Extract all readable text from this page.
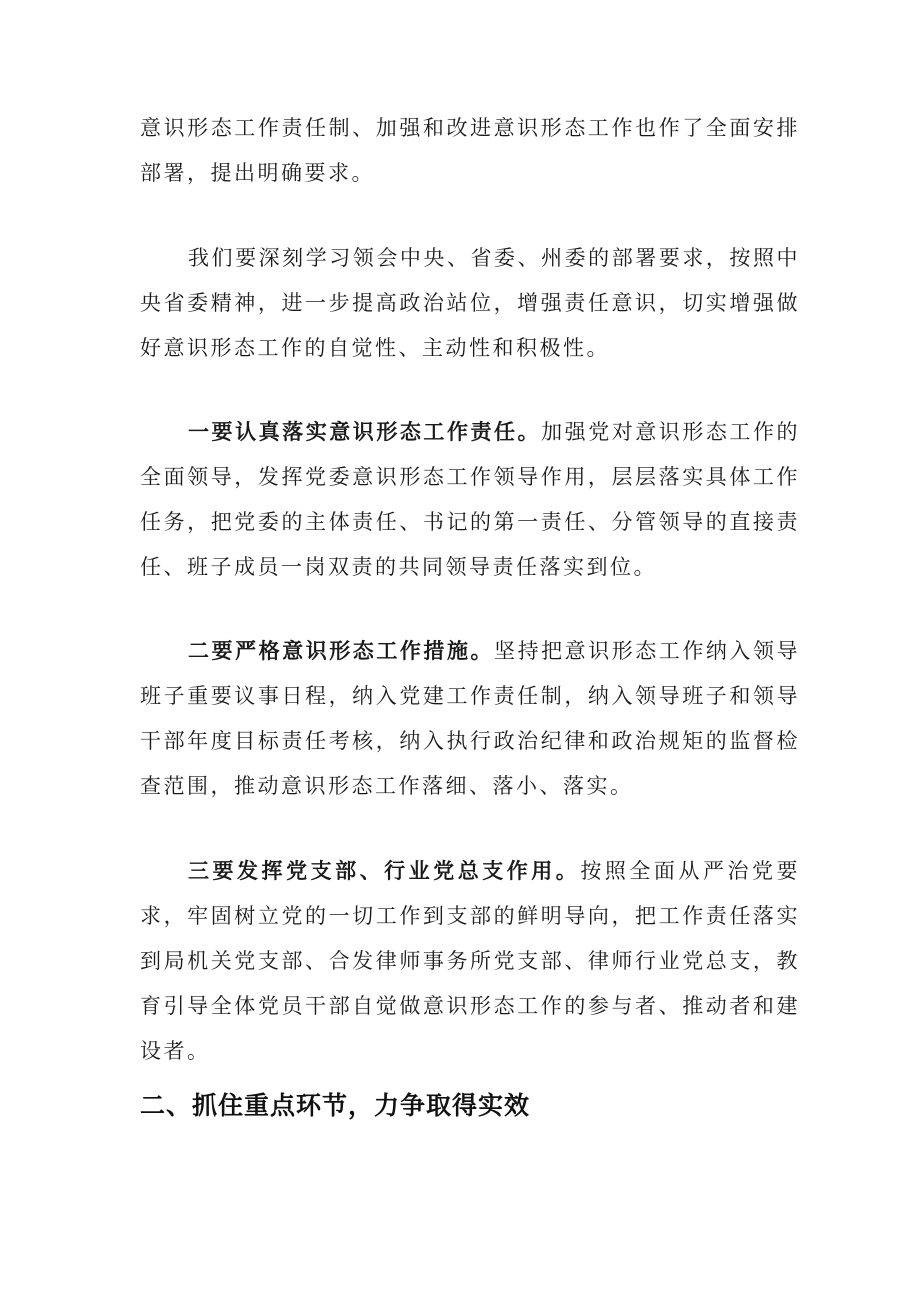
意识形态工作责任制、加强和改进意识形态工作也作了全面安排部署，提出明确要求。

我们要深刻学习领会中央、省委、州委的部署要求，按照中央省委精神，进一步提高政治站位，增强责任意识，切实增强做好意识形态工作的自觉性、主动性和积极性。

一要认真落实意识形态工作责任。加强党对意识形态工作的全面领导，发挥党委意识形态工作领导作用，层层落实具体工作任务，把党委的主体责任、书记的第一责任、分管领导的直接责任、班子成员一岗双责的共同领导责任落实到位。

二要严格意识形态工作措施。坚持把意识形态工作纳入领导班子重要议事日程，纳入党建工作责任制，纳入领导班子和领导干部年度目标责任考核，纳入执行政治纪律和政治规矩的监督检查范围，推动意识形态工作落细、落小、落实。

三要发挥党支部、行业党总支作用。按照全面从严治党要求，牢固树立党的一切工作到支部的鲜明导向，把工作责任落实到局机关党支部、合发律师事务所党支部、律师行业党总支，教育引导全体党员干部自觉做意识形态工作的参与者、推动者和建设者。

二、抓住重点环节，力争取得实效
